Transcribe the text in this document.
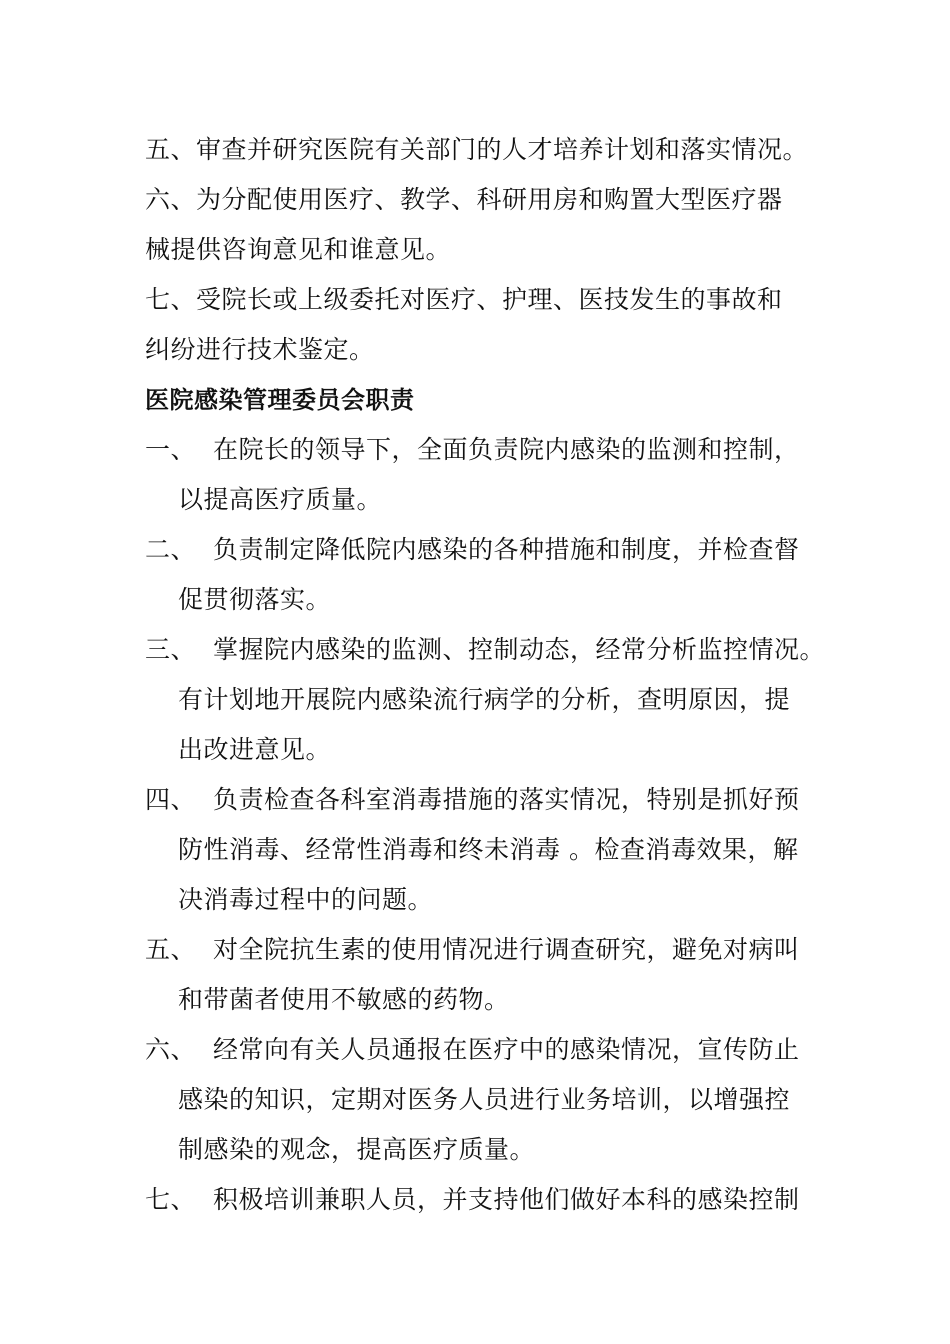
五、审查并研究医院有关部门的人才培养计划和落实情况。
六、为分配使用医疗、教学、科研用房和购置大型医疗器
械提供咨询意见和谁意见。
七、受院长或上级委托对医疗、护理、医技发生的事故和
纠纷进行技术鉴定。
医院感染管理委员会职责
一、 在院长的领导下，全面负责院内感染的监测和控制，
以提高医疗质量。
二、 负责制定降低院内感染的各种措施和制度，并检查督
促贯彻落实。
三、 掌握院内感染的监测、控制动态，经常分析监控情况。
有计划地开展院内感染流行病学的分析，查明原因，提
出改进意见。
四、 负责检查各科室消毒措施的落实情况，特别是抓好预
防性消毒、经常性消毒和终未消毒 。检查消毒效果，解
决消毒过程中的问题。
五、 对全院抗生素的使用情况进行调查研究，避免对病叫
和带菌者使用不敏感的药物。
六、 经常向有关人员通报在医疗中的感染情况，宣传防止
感染的知识，定期对医务人员进行业务培训，以增强控
制感染的观念，提高医疗质量。
七、 积极培训兼职人员，并支持他们做好本科的感染控制
